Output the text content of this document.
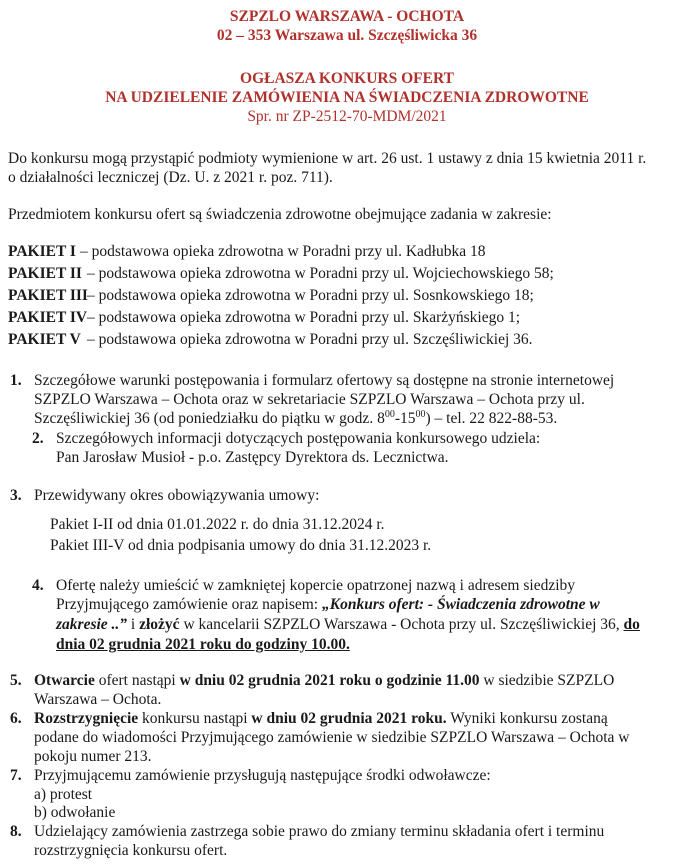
SZPZLO WARSZAWA - OCHOTA
02 – 353 Warszawa ul. Szczęśliwicka 36
OGŁASZA KONKURS OFERT
NA UDZIELENIE ZAMÓWIENIA NA ŚWIADCZENIA ZDROWOTNE
Spr. nr ZP-2512-70-MDM/2021
Do konkursu mogą przystąpić podmioty wymienione w art. 26 ust. 1 ustawy z dnia 15 kwietnia 2011 r.
o działalności leczniczej (Dz. U. z 2021 r. poz. 711).
Przedmiotem konkursu ofert są świadczenia zdrowotne obejmujące zadania w zakresie:
PAKIET I – podstawowa opieka zdrowotna w Poradni przy ul. Kadłubka 18
PAKIET II – podstawowa opieka zdrowotna w Poradni przy ul. Wojciechowskiego 58;
PAKIET III– podstawowa opieka zdrowotna w Poradni przy ul. Sosnkowskiego 18;
PAKIET IV– podstawowa opieka zdrowotna w Poradni przy ul. Skarżyńskiego 1;
PAKIET V – podstawowa opieka zdrowotna w Poradni przy ul. Szczęśliwickiej 36.
1. Szczegółowe warunki postępowania i formularz ofertowy są dostępne na stronie internetowej
SZPZLO Warszawa – Ochota oraz w sekretariacie SZPZLO Warszawa – Ochota przy ul.
Szczęśliwickiej 36 (od poniedziałku do piątku w godz. $8^{00}-15^{00}$) – tel. 22 822-88-53.
2. Szczegółowych informacji dotyczących postępowania konkursowego udziela:
Pan Jarosław Musioł - p.o. Zastępcy Dyrektora ds. Lecznictwa.
3. Przewidywany okres obowiązywania umowy:
Pakiet I-II od dnia 01.01.2022 r. do dnia 31.12.2024 r.
Pakiet III-V od dnia podpisania umowy do dnia 31.12.2023 r.
4. Ofertę należy umieścić w zamkniętej kopercie opatrzonej nazwą i adresem siedziby
Przyjmującego zamówienie oraz napisem: „Konkurs ofert: - Świadczenia zdrowotne w
zakresie ..” i złożyć w kancelarii SZPZLO Warszawa - Ochota przy ul. Szczęśliwickiej 36, do
dnia 02 grudnia 2021 roku do godziny 10.00.
5. Otwarcie ofert nastąpi w dniu 02 grudnia 2021 roku o godzinie 11.00 w siedzibie SZPZLO
Warszawa – Ochota.
6. Rozstrzygnięcie konkursu nastąpi w dniu 02 grudnia 2021 roku. Wyniki konkursu zostaną
podane do wiadomości Przyjmującego zamówienie w siedzibie SZPZLO Warszawa – Ochota w
pokoju numer 213.
7. Przyjmującemu zamówienie przysługują następujące środki odwoławcze:
a) protest
b) odwołanie
8. Udzielający zamówienia zastrzega sobie prawo do zmiany terminu składania ofert i terminu
rozstrzygnięcia konkursu ofert.
